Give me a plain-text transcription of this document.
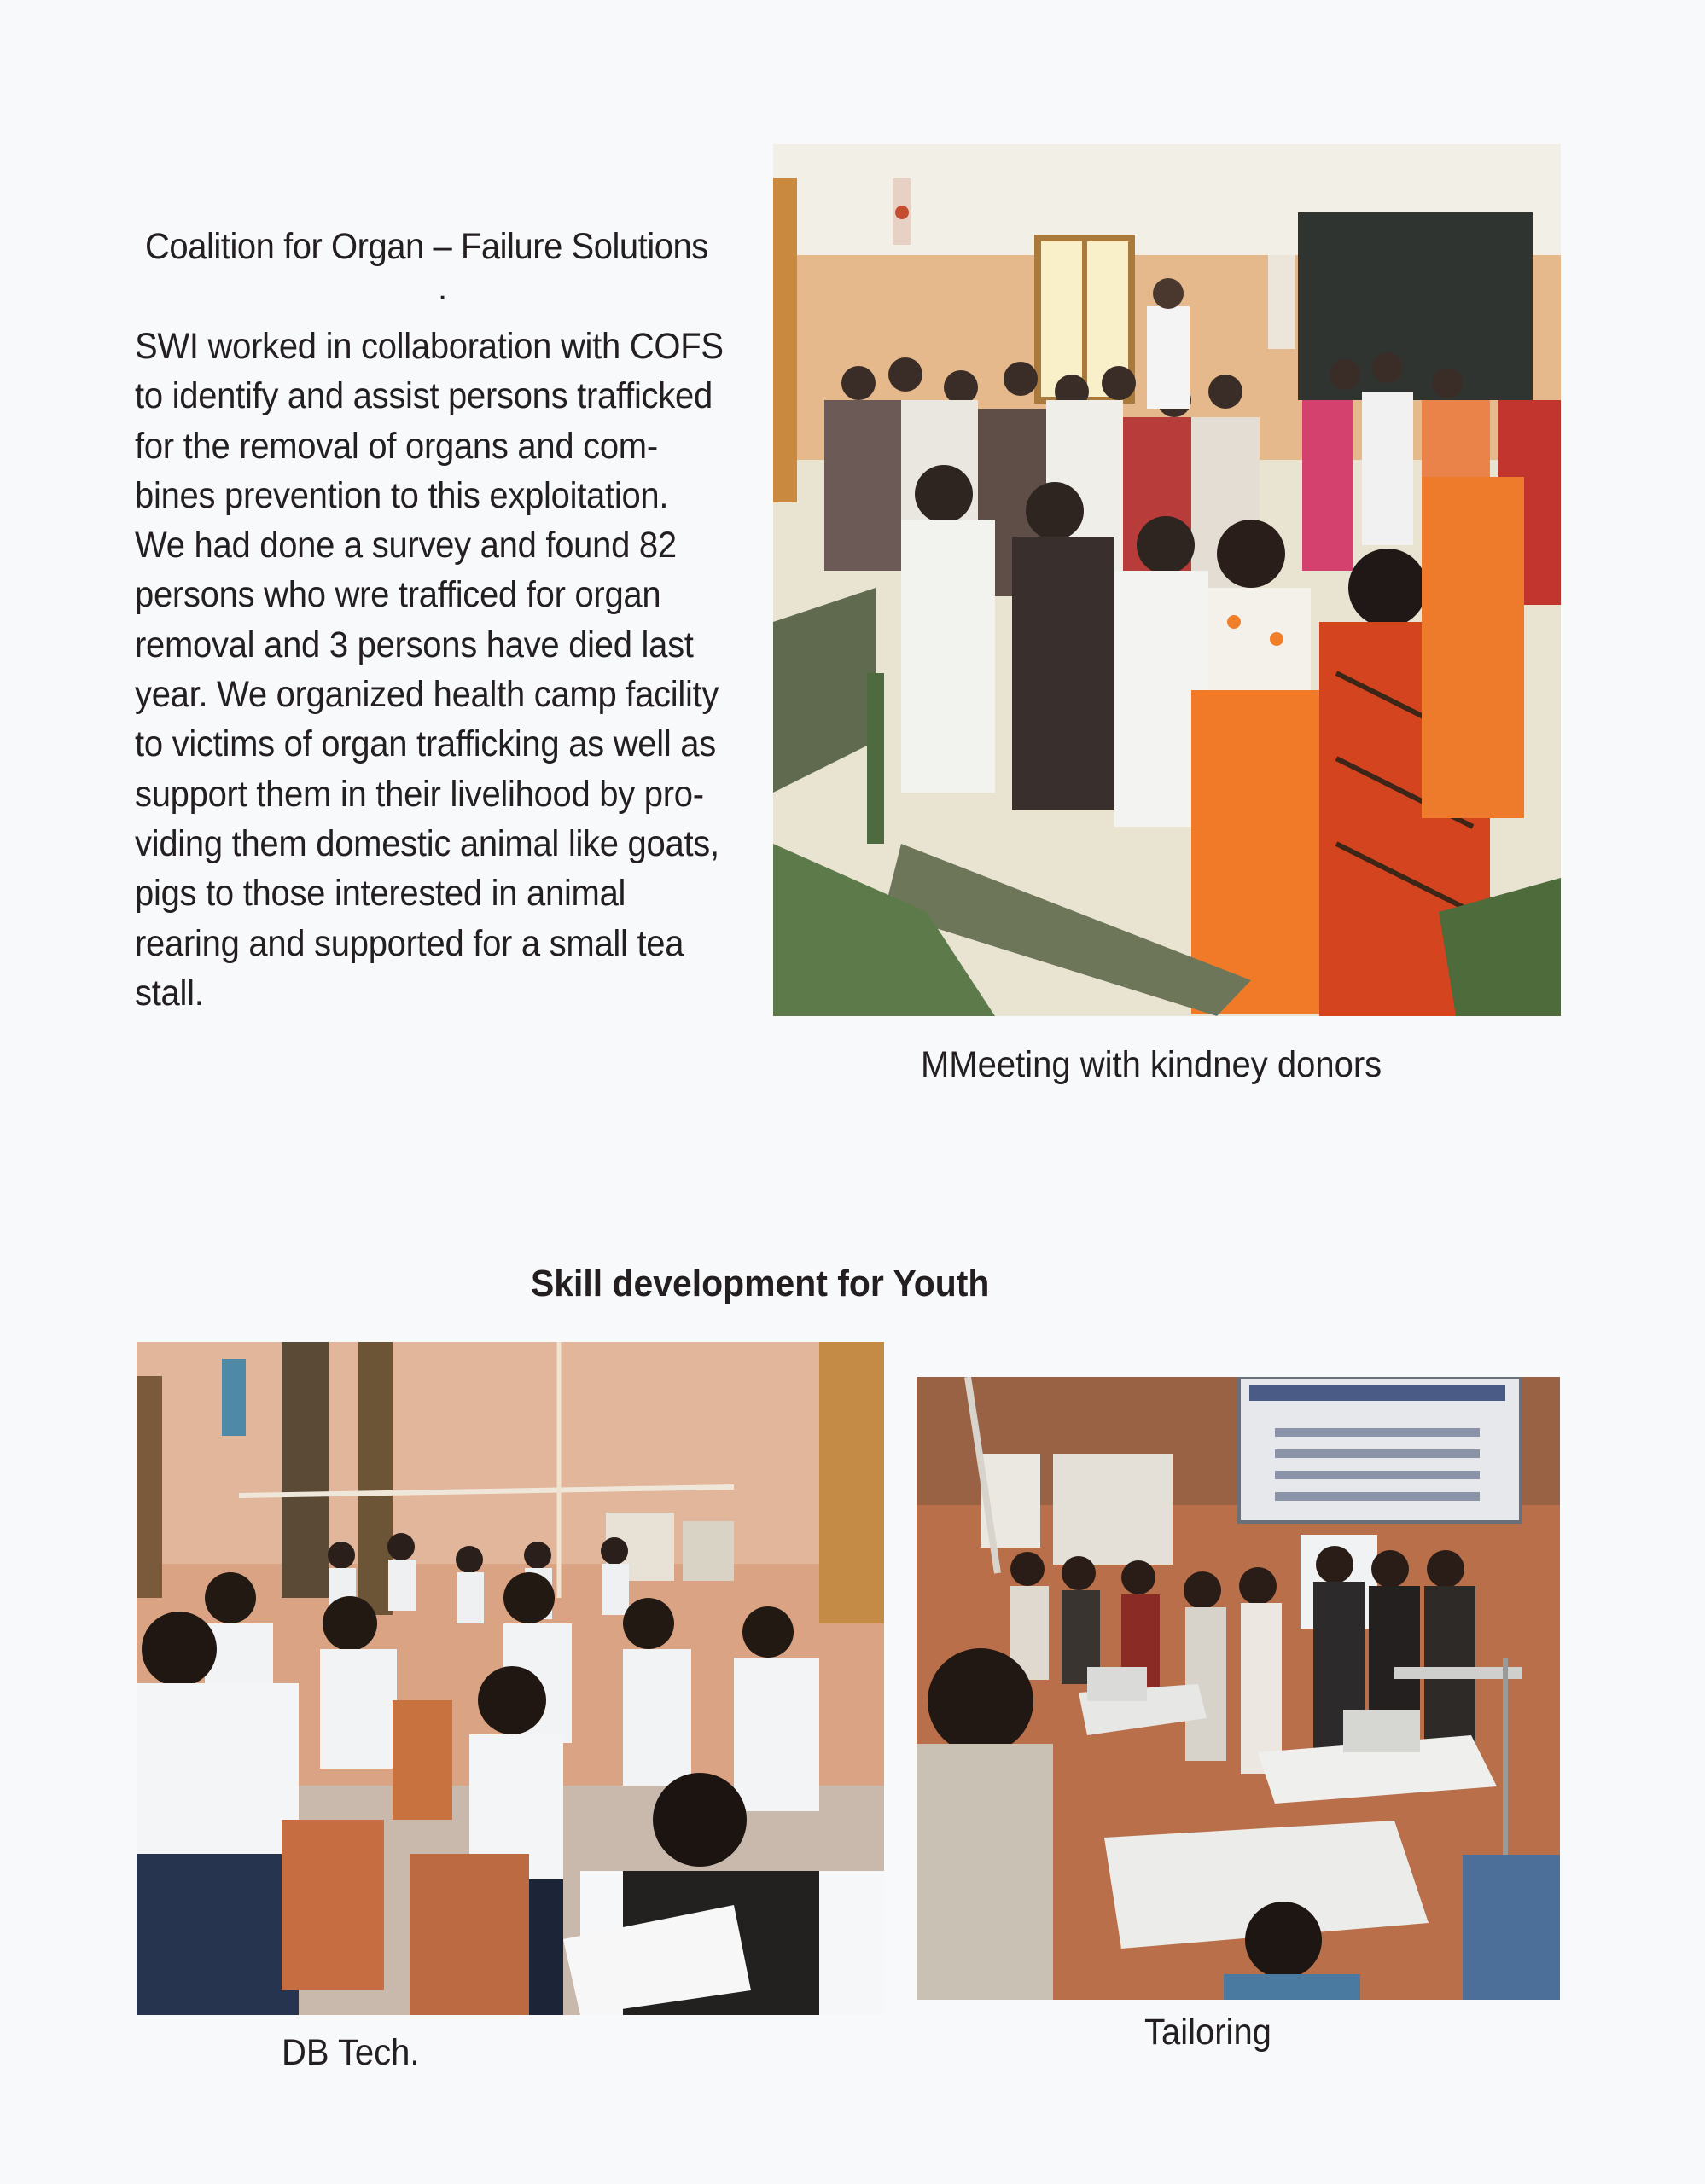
Coalition for Organ – Failure Solutions
.
SWI worked in collaboration with COFS
to identify and assist persons trafficked
for the removal of organs and com-
bines prevention to this exploitation.
We had done a survey and found 82
persons who wre trafficed for organ
removal and 3 persons have died last
year. We organized health camp facility
to victims of organ trafficking as well as
support them in their livelihood by pro-
viding them domestic animal like goats,
pigs to those interested in animal
rearing and supported for a small tea
stall.
MMeeting with kindney donors
Skill development for Youth
DB Tech.	Tailoring
